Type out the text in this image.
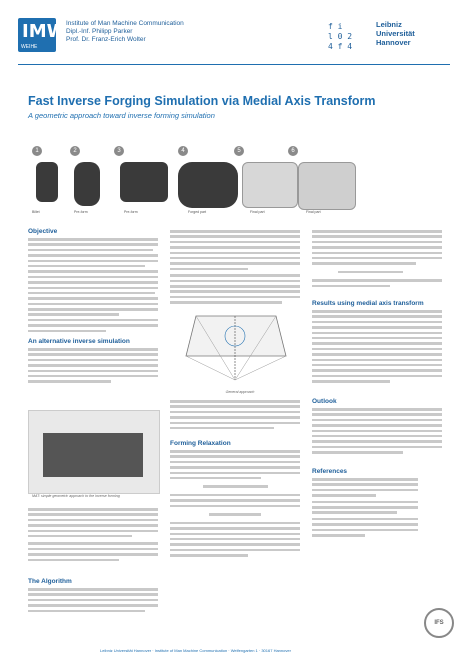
IMW
WEIHE
Institute of Man Machine Communication
Dipl.-Inf. Philipp Parker
Prof. Dr. Franz-Erich Wolter
f i
l 0 2
4 f 4
Leibniz
Universität
Hannover
Fast Inverse Forging Simulation via Medial Axis Transform
A geometric approach toward inverse forming simulation
1
Billet
2
Pre-form
3
Pre-form
4
Forged part
5
Final part
6
Final part
Objective
An alternative inverse simulation
MAT: simple geometric approach to the inverse forming
The Algorithm
General approach
Forming Relaxation
Results using medial axis transform
Outlook
References
IFS
Leibniz Universität Hannover · Institute of Man Machine Communication · Welfengarten 1 · 30167 Hannover
